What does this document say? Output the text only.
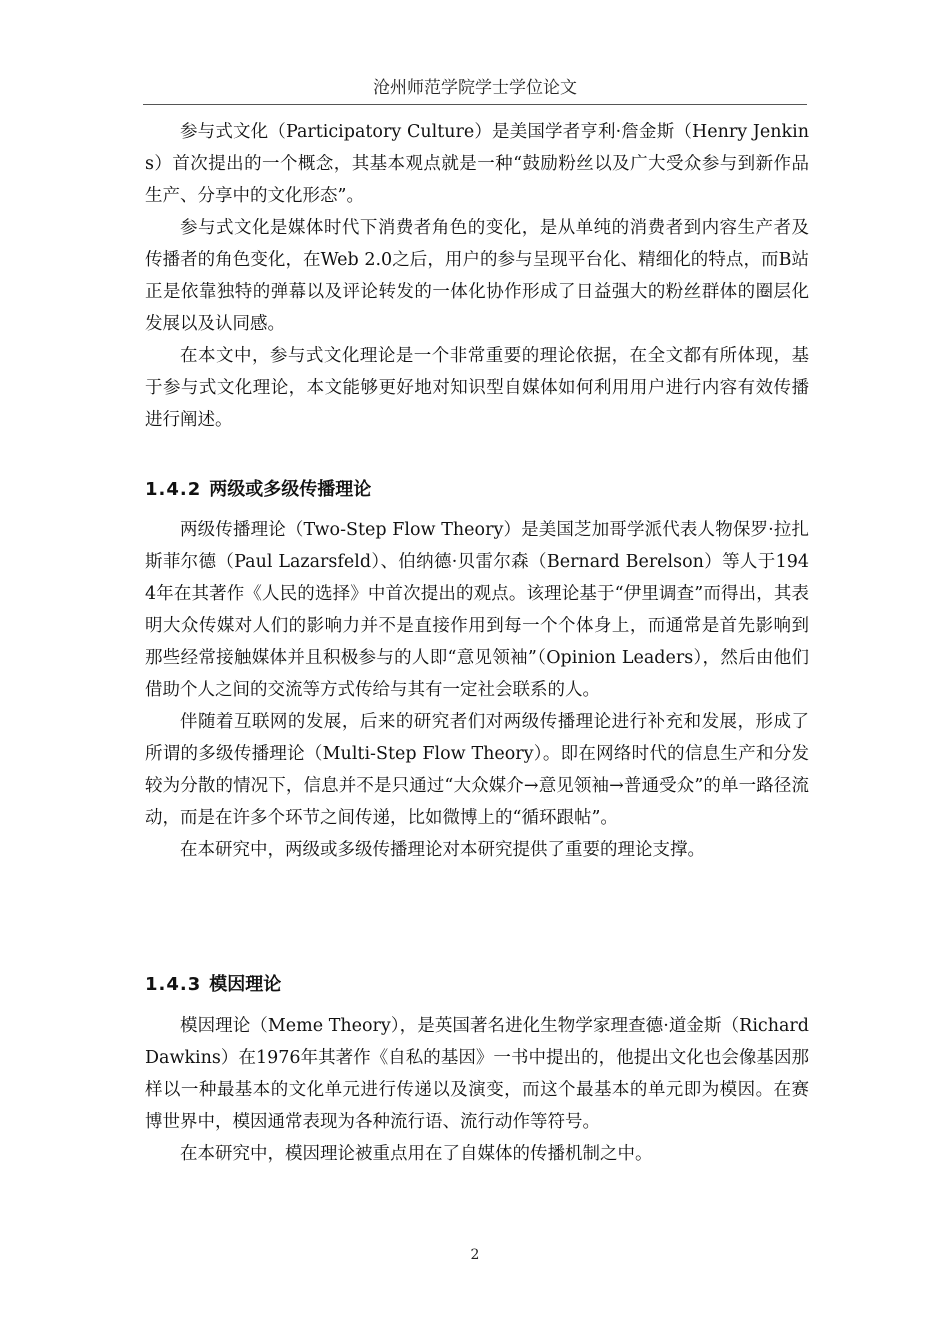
沧州师范学院学士学位论文

参与式文化（Participatory Culture）是美国学者亨利·詹金斯（Henry Jenkins）首次提出的一个概念，其基本观点就是一种“鼓励粉丝以及广大受众参与到新作品生产、分享中的文化形态”。

参与式文化是媒体时代下消费者角色的变化，是从单纯的消费者到内容生产者及传播者的角色变化，在Web 2.0之后，用户的参与呈现平台化、精细化的特点，而B站正是依靠独特的弹幕以及评论转发的一体化协作形成了日益强大的粉丝群体的圈层化发展以及认同感。

在本文中，参与式文化理论是一个非常重要的理论依据，在全文都有所体现，基于参与式文化理论，本文能够更好地对知识型自媒体如何利用用户进行内容有效传播进行阐述。

1.4.2 两级或多级传播理论

两级传播理论（Two-Step Flow Theory）是美国芝加哥学派代表人物保罗·拉扎斯菲尔德（Paul Lazarsfeld）、伯纳德·贝雷尔森（Bernard Berelson）等人于1944年在其著作《人民的选择》中首次提出的观点。该理论基于“伊里调查”而得出，其表明大众传媒对人们的影响力并不是直接作用到每一个个体身上，而通常是首先影响到那些经常接触媒体并且积极参与的人即“意见领袖”（Opinion Leaders），然后由他们借助个人之间的交流等方式传给与其有一定社会联系的人。

伴随着互联网的发展，后来的研究者们对两级传播理论进行补充和发展，形成了所谓的多级传播理论（Multi-Step Flow Theory）。即在网络时代的信息生产和分发较为分散的情况下，信息并不是只通过“大众媒介→意见领袖→普通受众”的单一路径流动，而是在许多个环节之间传递，比如微博上的“循环跟帖”。

在本研究中，两级或多级传播理论对本研究提供了重要的理论支撑。

1.4.3 模因理论

模因理论（Meme Theory），是英国著名进化生物学家理查德·道金斯（Richard Dawkins）在1976年其著作《自私的基因》一书中提出的，他提出文化也会像基因那样以一种最基本的文化单元进行传递以及演变，而这个最基本的单元即为模因。在赛博世界中，模因通常表现为各种流行语、流行动作等符号。

在本研究中，模因理论被重点用在了自媒体的传播机制之中。

2
